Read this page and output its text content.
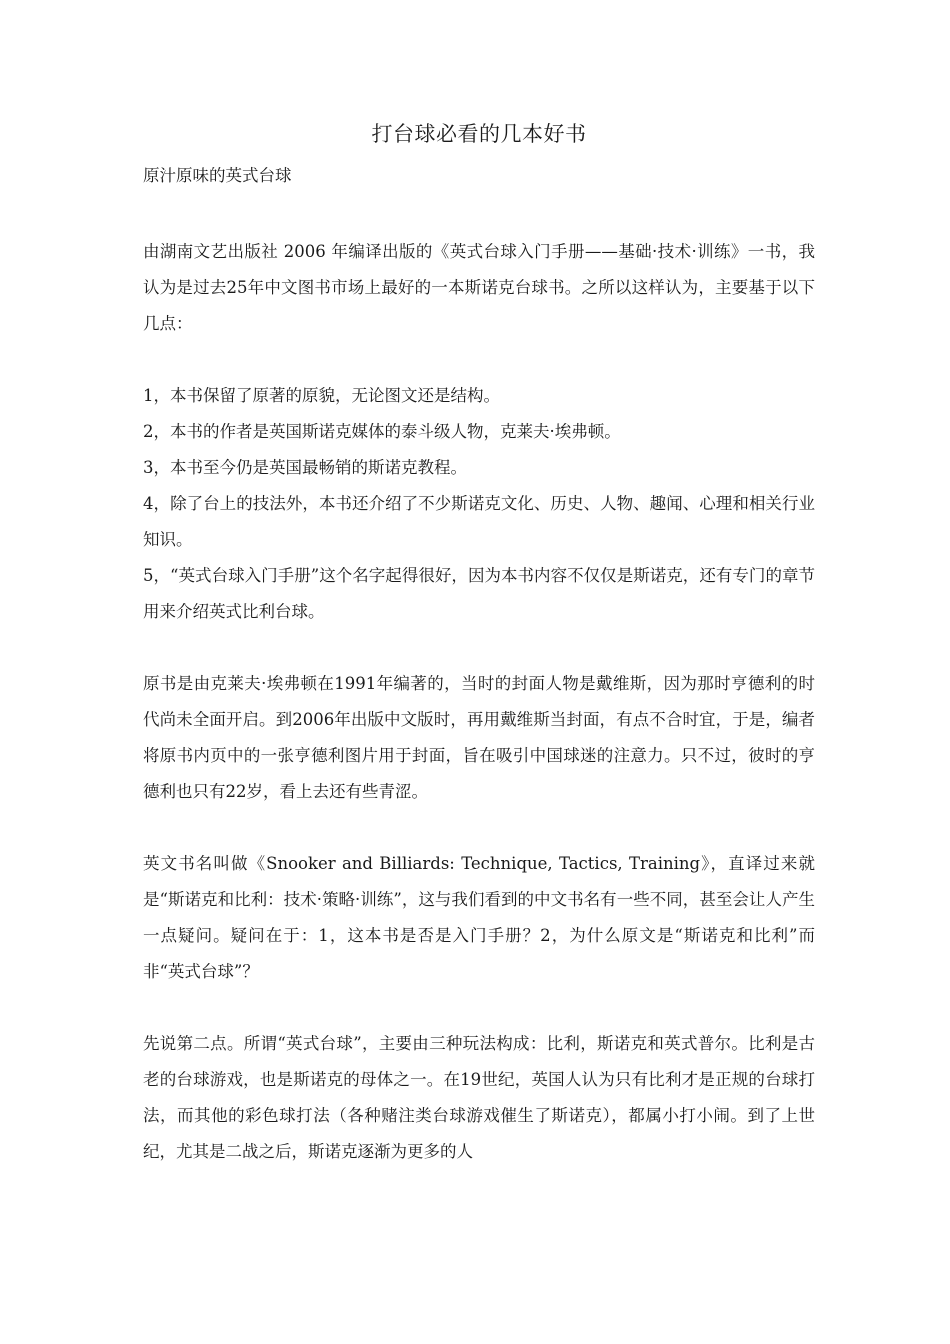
打台球必看的几本好书
原汁原味的英式台球

由湖南文艺出版社 2006 年编译出版的《英式台球入门手册——基础·技术·训练》一书，我认为是过去25年中文图书市场上最好的一本斯诺克台球书。之所以这样认为，主要基于以下几点：

1，本书保留了原著的原貌，无论图文还是结构。

2，本书的作者是英国斯诺克媒体的泰斗级人物，克莱夫·埃弗顿。

3，本书至今仍是英国最畅销的斯诺克教程。

4，除了台上的技法外，本书还介绍了不少斯诺克文化、历史、人物、趣闻、心理和相关行业知识。

5，“英式台球入门手册”这个名字起得很好，因为本书内容不仅仅是斯诺克，还有专门的章节用来介绍英式比利台球。

原书是由克莱夫·埃弗顿在1991年编著的，当时的封面人物是戴维斯，因为那时亨德利的时代尚未全面开启。到2006年出版中文版时，再用戴维斯当封面，有点不合时宜，于是，编者将原书内页中的一张亨德利图片用于封面，旨在吸引中国球迷的注意力。只不过，彼时的亨德利也只有22岁，看上去还有些青涩。

英文书名叫做《Snooker and Billiards: Technique, Tactics, Training》，直译过来就是“斯诺克和比利：技术·策略·训练”，这与我们看到的中文书名有一些不同，甚至会让人产生一点疑问。疑问在于：1，这本书是否是入门手册？2，为什么原文是“斯诺克和比利”而非“英式台球”？

先说第二点。所谓“英式台球”，主要由三种玩法构成：比利，斯诺克和英式普尔。比利是古老的台球游戏，也是斯诺克的母体之一。在19世纪，英国人认为只有比利才是正规的台球打法，而其他的彩色球打法（各种赌注类台球游戏催生了斯诺克），都属小打小闹。到了上世纪，尤其是二战之后，斯诺克逐渐为更多的人
